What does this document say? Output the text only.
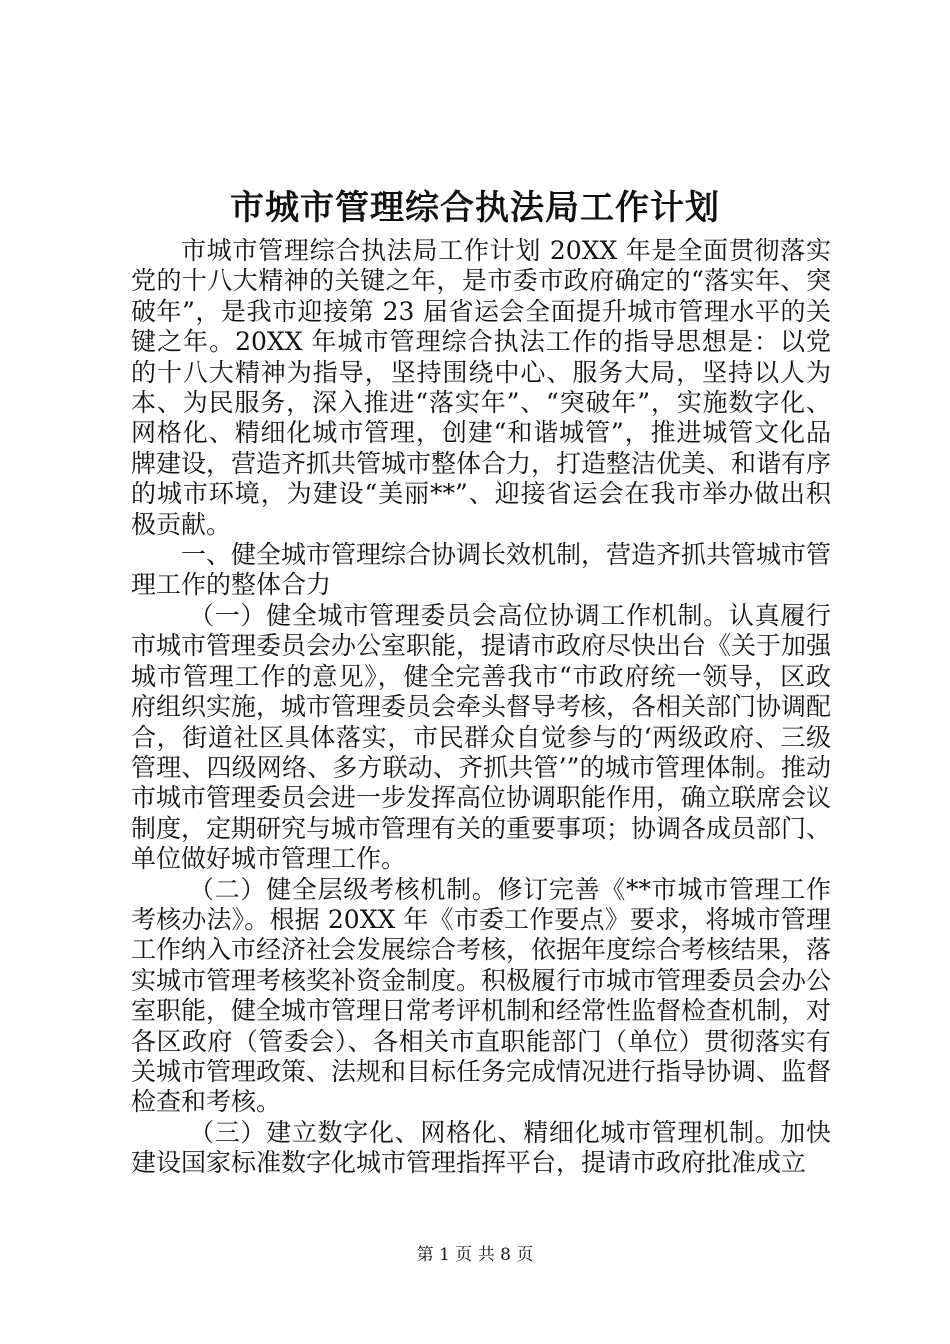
市城市管理综合执法局工作计划

市城市管理综合执法局工作计划 20XX 年是全面贯彻落实党的十八大精神的关键之年，是市委市政府确定的“落实年、突破年”，是我市迎接第 23 届省运会全面提升城市管理水平的关键之年。20XX 年城市管理综合执法工作的指导思想是：以党的十八大精神为指导，坚持围绕中心、服务大局，坚持以人为本、为民服务，深入推进“落实年”、“突破年”，实施数字化、网格化、精细化城市管理，创建“和谐城管”，推进城管文化品牌建设，营造齐抓共管城市整体合力，打造整洁优美、和谐有序的城市环境，为建设“美丽**”、迎接省运会在我市举办做出积极贡献。

一、健全城市管理综合协调长效机制，营造齐抓共管城市管理工作的整体合力

（一）健全城市管理委员会高位协调工作机制。认真履行市城市管理委员会办公室职能，提请市政府尽快出台《关于加强城市管理工作的意见》，健全完善我市“市政府统一领导，区政府组织实施，城市管理委员会牵头督导考核，各相关部门协调配合，街道社区具体落实，市民群众自觉参与的‘两级政府、三级管理、四级网络、多方联动、齐抓共管’”的城市管理体制。推动市城市管理委员会进一步发挥高位协调职能作用，确立联席会议制度，定期研究与城市管理有关的重要事项；协调各成员部门、单位做好城市管理工作。

（二）健全层级考核机制。修订完善《**市城市管理工作考核办法》。根据 20XX 年《市委工作要点》要求，将城市管理工作纳入市经济社会发展综合考核，依据年度综合考核结果，落实城市管理考核奖补资金制度。积极履行市城市管理委员会办公室职能，健全城市管理日常考评机制和经常性监督检查机制，对各区政府（管委会）、各相关市直职能部门（单位）贯彻落实有关城市管理政策、法规和目标任务完成情况进行指导协调、监督检查和考核。

（三）建立数字化、网格化、精细化城市管理机制。加快建设国家标准数字化城市管理指挥平台，提请市政府批准成立

第 1 页 共 8 页
